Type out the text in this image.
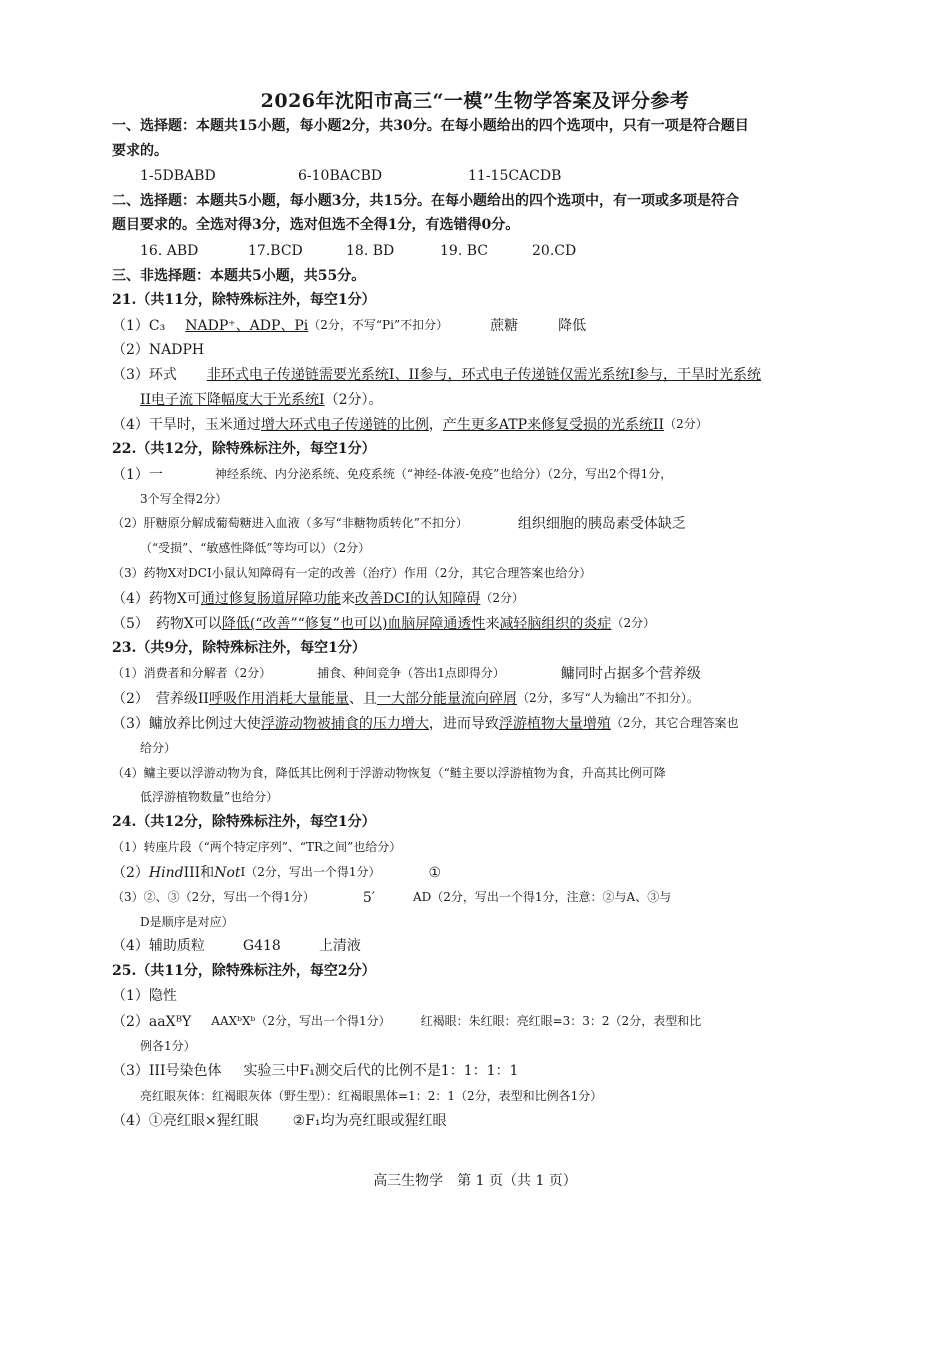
2026年沈阳市高三“一模”生物学答案及评分参考
一、选择题：本题共15小题，每小题2分，共30分。在每小题给出的四个选项中，只有一项是符合题目
要求的。
1-5DBABD	6-10BACBD	11-15CACDB
二、选择题：本题共5小题，每小题3分，共15分。在每小题给出的四个选项中，有一项或多项是符合
题目要求的。全选对得3分，选对但选不全得1分，有选错得0分。
16. ABD	17.BCD	18. BD	19. BC	20.CD
三、非选择题：本题共5小题，共55分。
21.（共11分，除特殊标注外，每空1分）
（1）C₃ NADP⁺、ADP、Pi（2分，不写“Pi”不扣分）	蔗糖	降低
（2）NADPH
（3）环式 非环式电子传递链需要光系统I、II参与，环式电子传递链仅需光系统I参与，干旱时光系统
II电子流下降幅度大于光系统I（2分）。
（4）干旱时，玉米通过增大环式电子传递链的比例，产生更多ATP来修复受损的光系统II（2分）
22.（共12分，除特殊标注外，每空1分）
（1）一	神经系统、内分泌系统、免疫系统（“神经-体液-免疫”也给分）（2分，写出2个得1分，
3个写全得2分）
（2）肝糖原分解成葡萄糖进入血液（多写“非糖物质转化”不扣分）	组织细胞的胰岛素受体缺乏
（“受损”、“敏感性降低”等均可以）（2分）
（3）药物X对DCI小鼠认知障碍有一定的改善（治疗）作用（2分，其它合理答案也给分）
（4）药物X可通过修复肠道屏障功能来改善DCI的认知障碍（2分）
（5）　药物X可以降低(“改善”“修复”也可以)血脑屏障通透性来减轻脑组织的炎症（2分）
23.（共9分，除特殊标注外，每空1分）
（1）消费者和分解者（2分）	捕食、种间竞争（答出1点即得分）	鳙同时占据多个营养级
（2）　营养级II呼吸作用消耗大量能量、且一大部分能量流向碎屑（2分，多写“人为输出”不扣分）。
（3）鳙放养比例过大使浮游动物被捕食的压力增大，进而导致浮游植物大量增殖（2分，其它合理答案也
给分）
（4）鳙主要以浮游动物为食，降低其比例利于浮游动物恢复（“鲢主要以浮游植物为食，升高其比例可降
低浮游植物数量”也给分）
24.（共12分，除特殊标注外，每空1分）
（1）转座片段（“两个特定序列”、“TR之间”也给分）
（2）HindIII和NotI（2分，写出一个得1分）	①
（3）②、③（2分，写出一个得1分）	5′	AD（2分，写出一个得1分，注意：②与A、③与
D是顺序是对应）
（4）辅助质粒	G418	上清液
25.（共11分，除特殊标注外，每空2分）
（1）隐性
（2）aaXᴮY AAXᵇXᵇ（2分，写出一个得1分）	红褐眼：朱红眼：亮红眼=3：3：2（2分，表型和比
例各1分）
（3）III号染色体 实验三中F₁测交后代的比例不是1：1：1：1
亮红眼灰体：红褐眼灰体（野生型）：红褐眼黑体=1：2：1（2分，表型和比例各1分）
（4）①亮红眼×猩红眼 ②F₁均为亮红眼或猩红眼
高三生物学　第 1 页（共 1 页）
